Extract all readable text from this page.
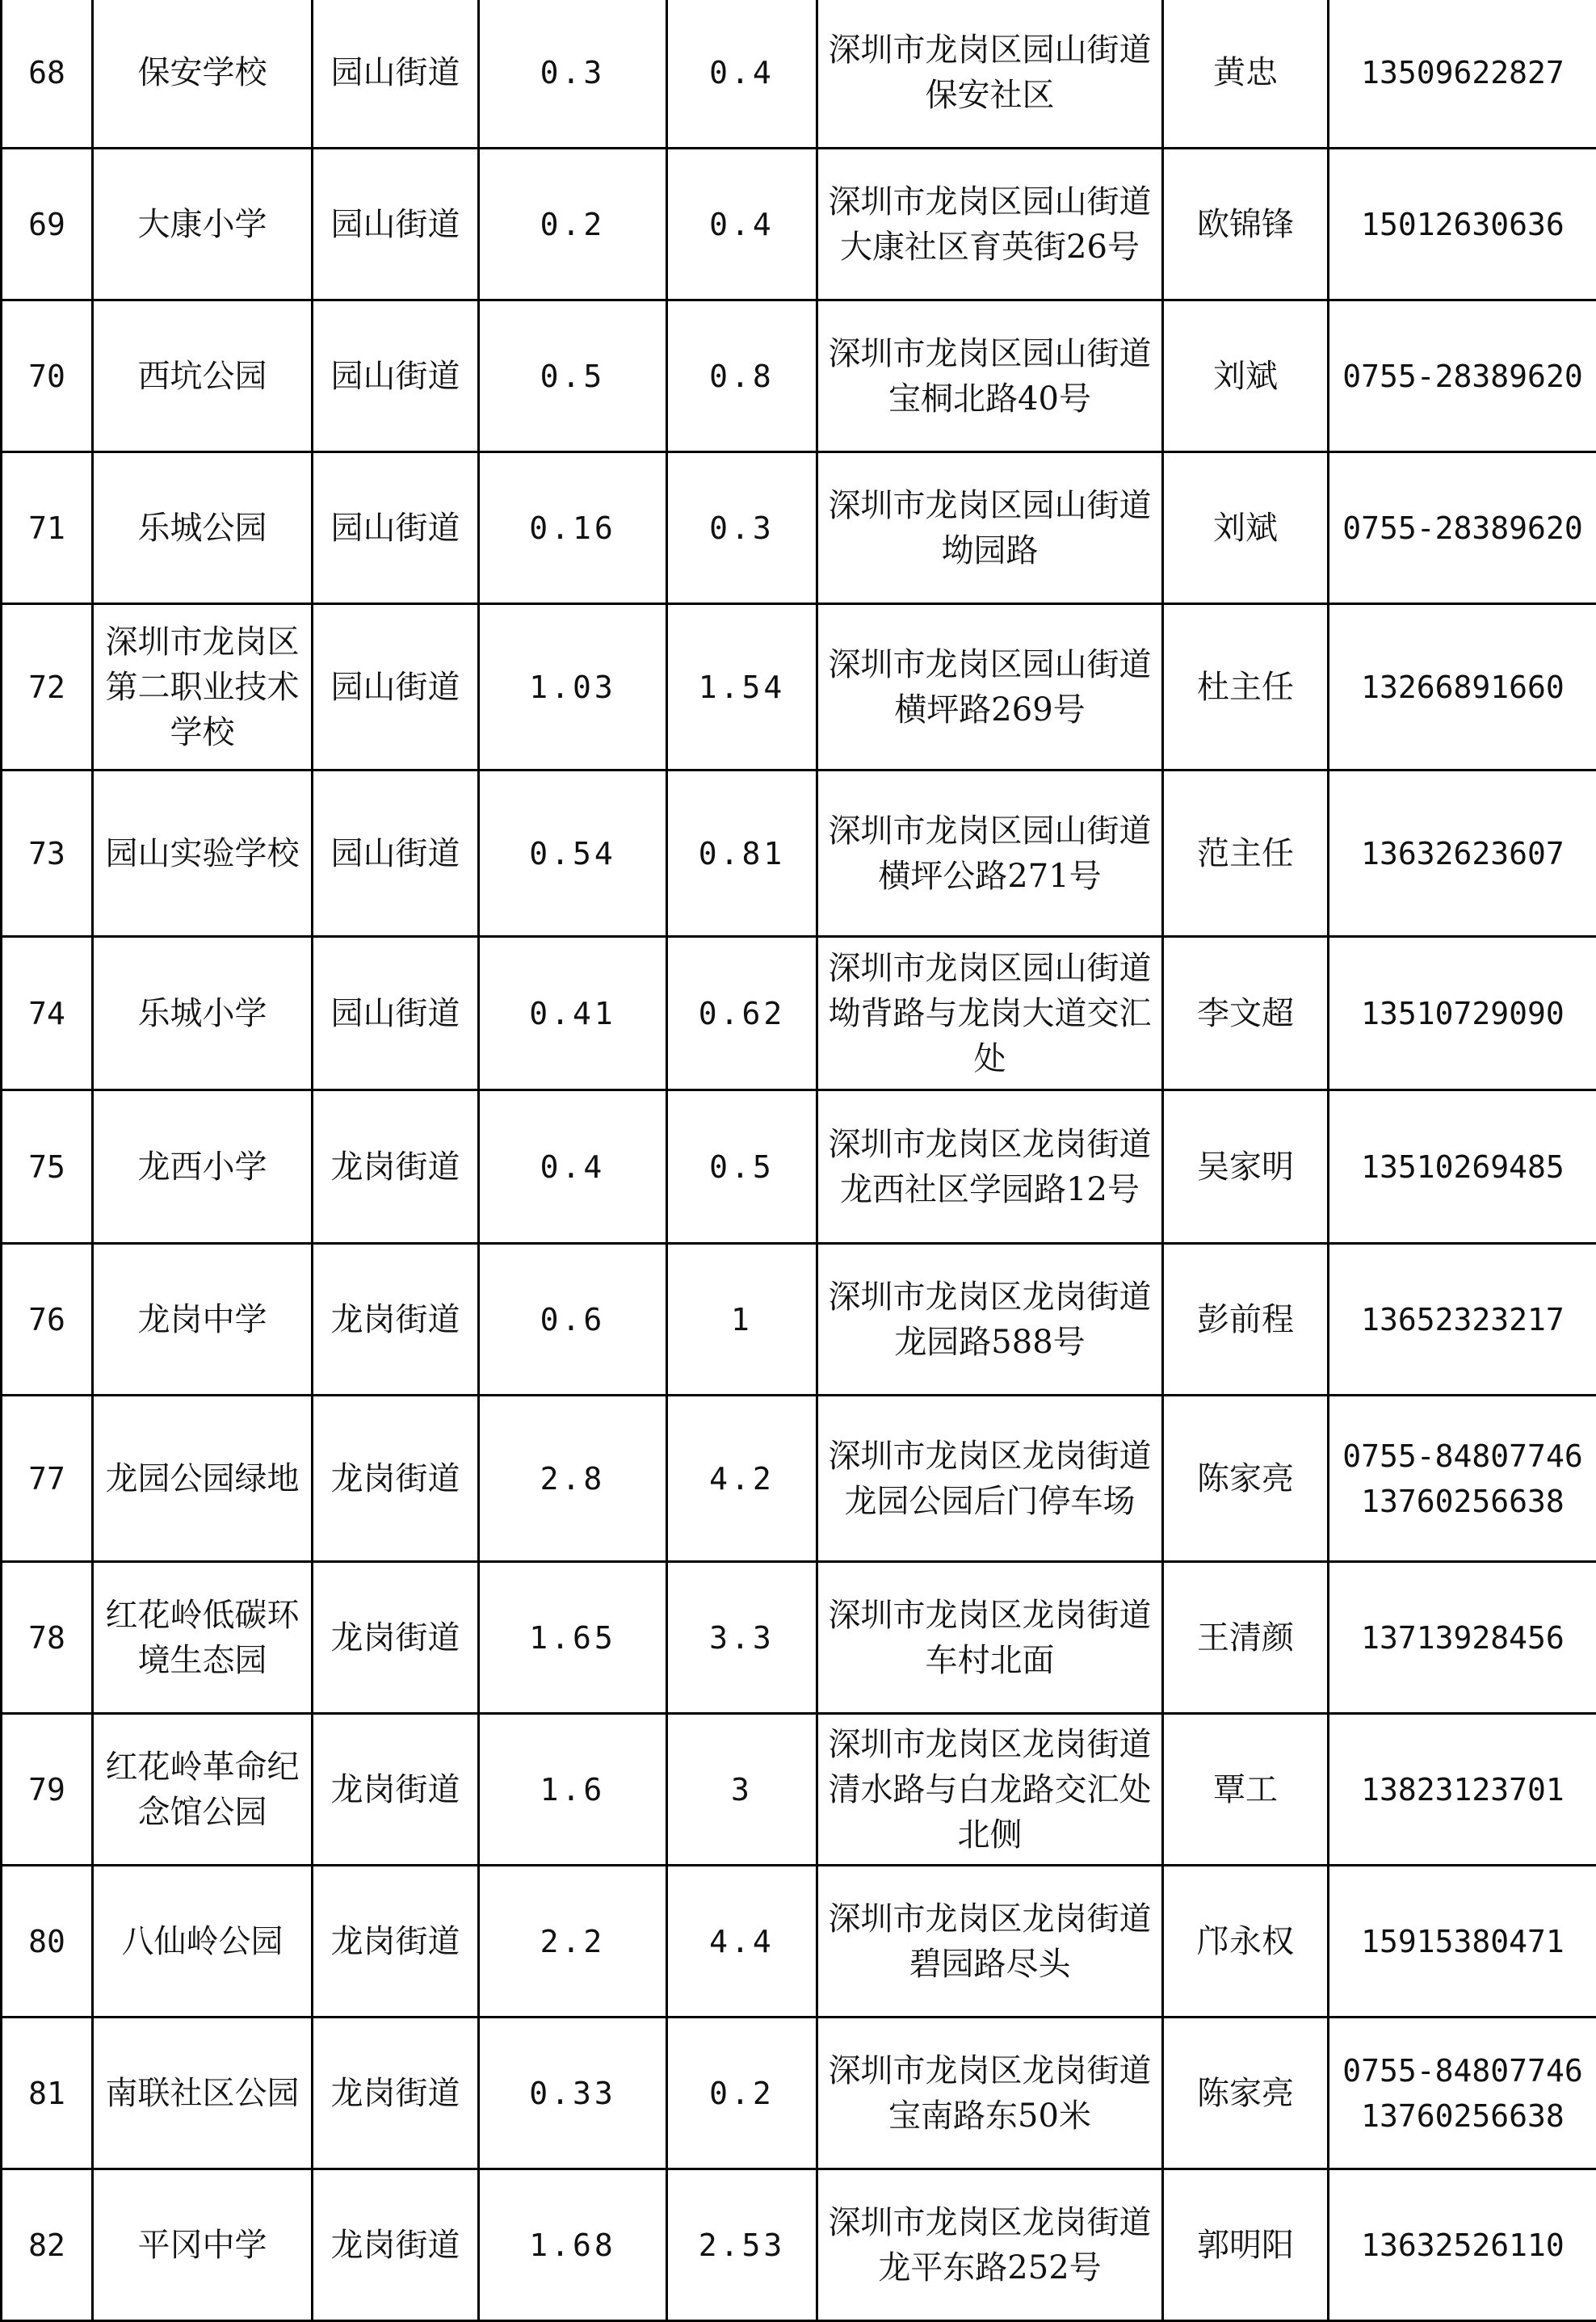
68	保安学校	园山街道	0.3	0.4	深圳市龙岗区园山街道保安社区	黄忠	13509622827
69	大康小学	园山街道	0.2	0.4	深圳市龙岗区园山街道大康社区育英街26号	欧锦锋	15012630636
70	西坑公园	园山街道	0.5	0.8	深圳市龙岗区园山街道宝桐北路40号	刘斌	0755-28389620
71	乐城公园	园山街道	0.16	0.3	深圳市龙岗区园山街道坳园路	刘斌	0755-28389620
72	深圳市龙岗区第二职业技术学校	园山街道	1.03	1.54	深圳市龙岗区园山街道横坪路269号	杜主任	13266891660
73	园山实验学校	园山街道	0.54	0.81	深圳市龙岗区园山街道横坪公路271号	范主任	13632623607
74	乐城小学	园山街道	0.41	0.62	深圳市龙岗区园山街道坳背路与龙岗大道交汇处	李文超	13510729090
75	龙西小学	龙岗街道	0.4	0.5	深圳市龙岗区龙岗街道龙西社区学园路12号	吴家明	13510269485
76	龙岗中学	龙岗街道	0.6	1	深圳市龙岗区龙岗街道龙园路588号	彭前程	13652323217
77	龙园公园绿地	龙岗街道	2.8	4.2	深圳市龙岗区龙岗街道龙园公园后门停车场	陈家亮	0755-84807746
13760256638

78	红花岭低碳环境生态园	龙岗街道	1.65	3.3	深圳市龙岗区龙岗街道车村北面	王清颜	13713928456
79	红花岭革命纪念馆公园	龙岗街道	1.6	3	深圳市龙岗区龙岗街道清水路与白龙路交汇处北侧	覃工	13823123701
80	八仙岭公园	龙岗街道	2.2	4.4	深圳市龙岗区龙岗街道碧园路尽头	邝永权	15915380471
81	南联社区公园	龙岗街道	0.33	0.2	深圳市龙岗区龙岗街道宝南路东50米	陈家亮	0755-84807746
13760256638

82	平冈中学	龙岗街道	1.68	2.53	深圳市龙岗区龙岗街道龙平东路252号	郭明阳	13632526110
